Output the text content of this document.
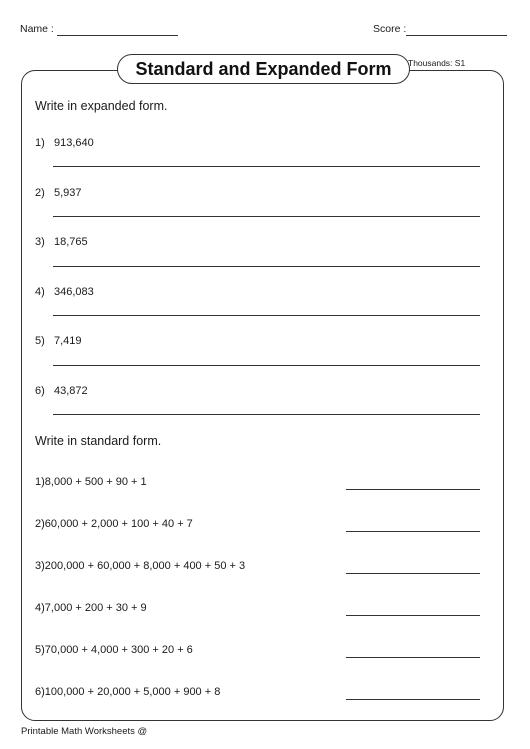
Name :	Score :
Standard and Expanded Form	Thousands: S1
Write in expanded form.
1) 913,640
2) 5,937
3) 18,765
4) 346,083
5) 7,419
6) 43,872
Write in standard form.
1)8,000 + 500 + 90 + 1
2)60,000 + 2,000 + 100 + 40 + 7
3)200,000 + 60,000 + 8,000 + 400 + 50 + 3
4)7,000 + 200 + 30 + 9
5)70,000 + 4,000 + 300 + 20 + 6
6)100,000 + 20,000 + 5,000 + 900 + 8
Printable Math Worksheets @
